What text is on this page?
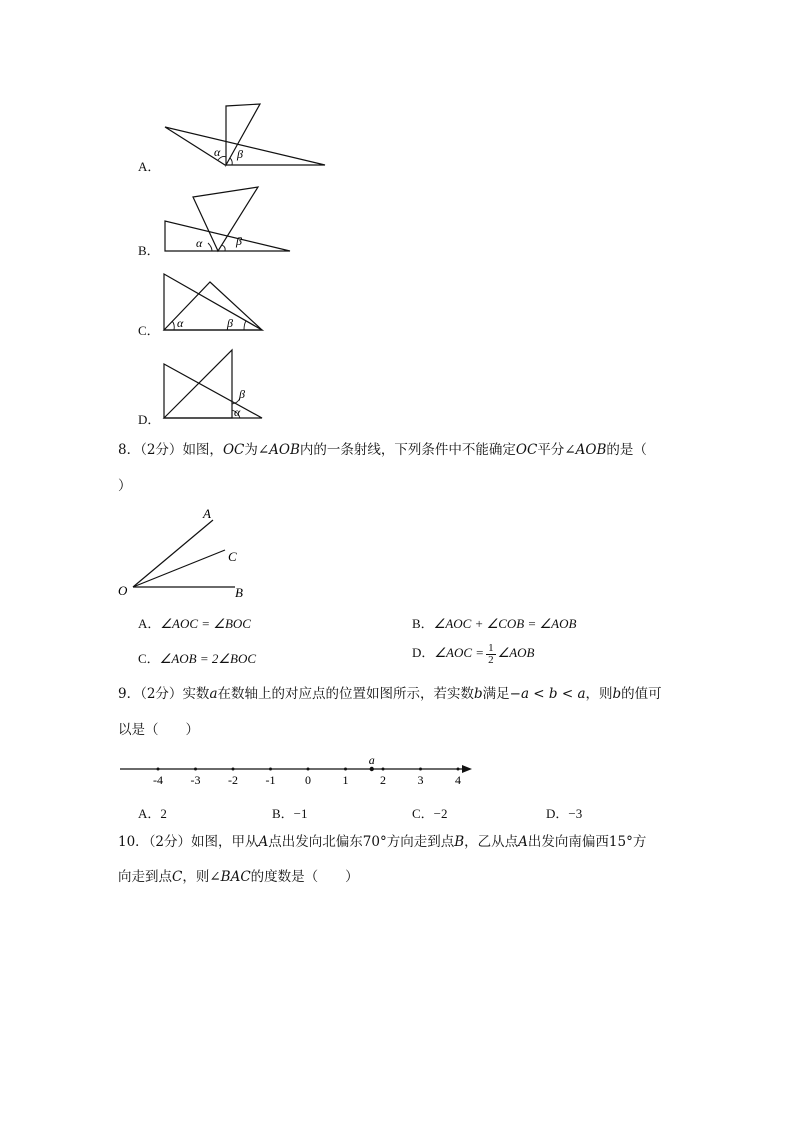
A．
α β
B．	α	β
C． α	β
D．
β
α
8．（2分）如图，OC为∠AOB内的一条射线，下列条件中不能确定OC平分∠AOB的是（
）
O
A
C
B
A．∠AOC = ∠BOC	B．∠AOC + ∠COB = ∠AOB
C．∠AOB = 2∠BOC	D．∠AOC = $\frac{1}{2}$ ∠AOB
9．（2分）实数a在数轴上的对应点的位置如图所示，若实数b满足−a < b < a，则b的值可
以是（　　）
-4 -3 -2 -1 0	1	2	3	4
a
A．2	B．−1	C．−2	D．−3
10．（2分）如图，甲从A点出发向北偏东70°方向走到点B，乙从点A出发向南偏西15°方
向走到点C，则∠BAC的度数是（　　）
